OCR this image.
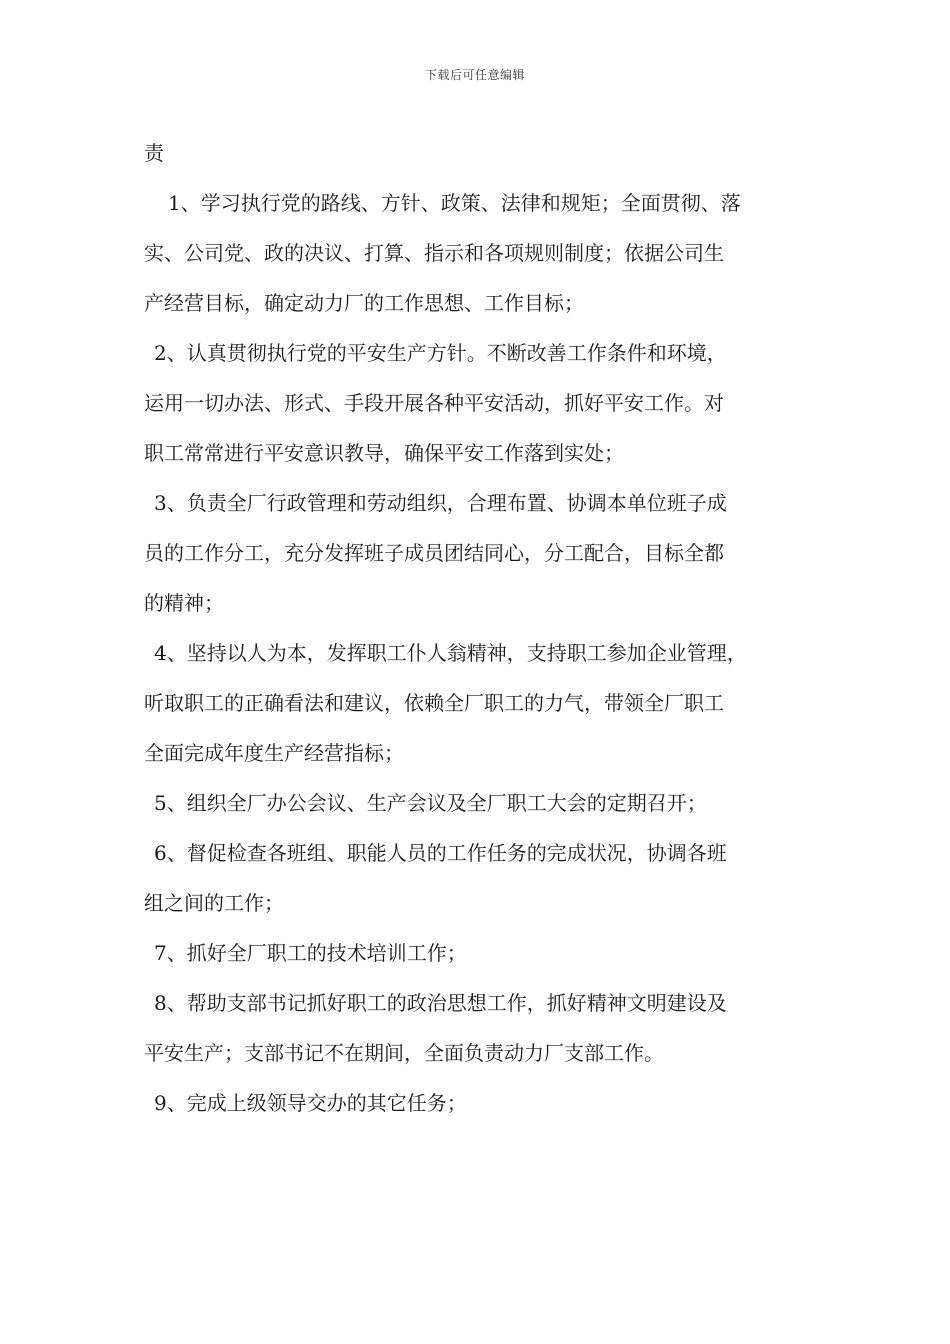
下载后可任意编辑
责
1、学习执行党的路线、方针、政策、法律和规矩；全面贯彻、落
实、公司党、政的决议、打算、指示和各项规则制度；依据公司生
产经营目标，确定动力厂的工作思想、工作目标；
2、认真贯彻执行党的平安生产方针。不断改善工作条件和环境，
运用一切办法、形式、手段开展各种平安活动，抓好平安工作。对
职工常常进行平安意识教导，确保平安工作落到实处；
3、负责全厂行政管理和劳动组织，合理布置、协调本单位班子成
员的工作分工，充分发挥班子成员团结同心，分工配合，目标全都
的精神；
4、坚持以人为本，发挥职工仆人翁精神，支持职工参加企业管理，
听取职工的正确看法和建议，依赖全厂职工的力气，带领全厂职工
全面完成年度生产经营指标；
5、组织全厂办公会议、生产会议及全厂职工大会的定期召开；
6、督促检查各班组、职能人员的工作任务的完成状况，协调各班
组之间的工作；
7、抓好全厂职工的技术培训工作；
8、帮助支部书记抓好职工的政治思想工作，抓好精神文明建设及
平安生产；支部书记不在期间，全面负责动力厂支部工作。
9、完成上级领导交办的其它任务；
